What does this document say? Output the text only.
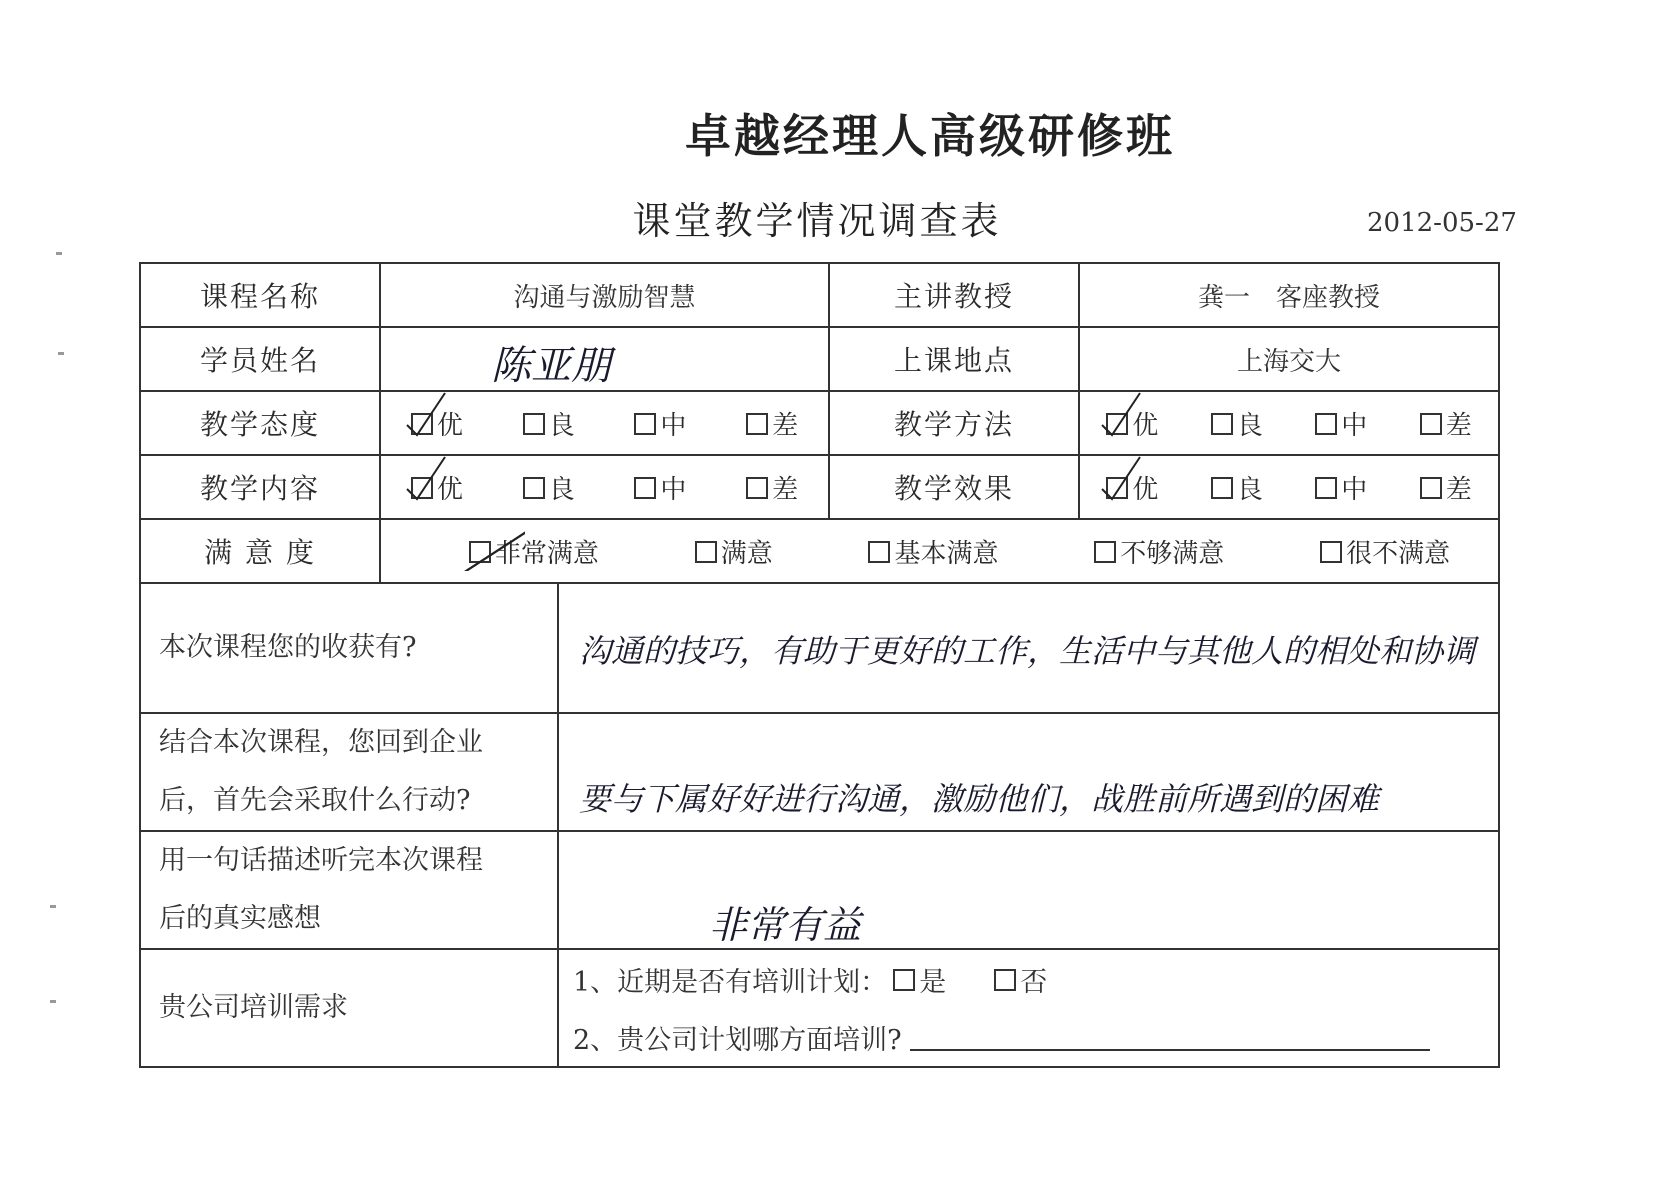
卓越经理人高级研修班
课堂教学情况调查表	2012-05-27
课程名称	沟通与激励智慧		主讲教授	龚一　客座教授
学员姓名	陈亚朋		上课地点	上海交大
教学态度	优 良 中 差		教学方法	优 良 中 差

教学内容	优 良 中 差		教学效果	优 良 中 差

满 意 度	非常满意 满意 基本满意 不够满意 很不满意			

本次课程您的收获有?		沟通的技巧，有助于更好的工作，生活中与其他人的相处和协调		

结合本次课程，您回到企业
后，首先会采取什么行动?		要与下属好好进行沟通，激励他们，战胜前所遇到的困难		

用一句话描述听完本次课程
后的真实感想		非常有益		

贵公司培训需求		1、近期是否有培训计划： 是 否
2、贵公司计划哪方面培训?		
